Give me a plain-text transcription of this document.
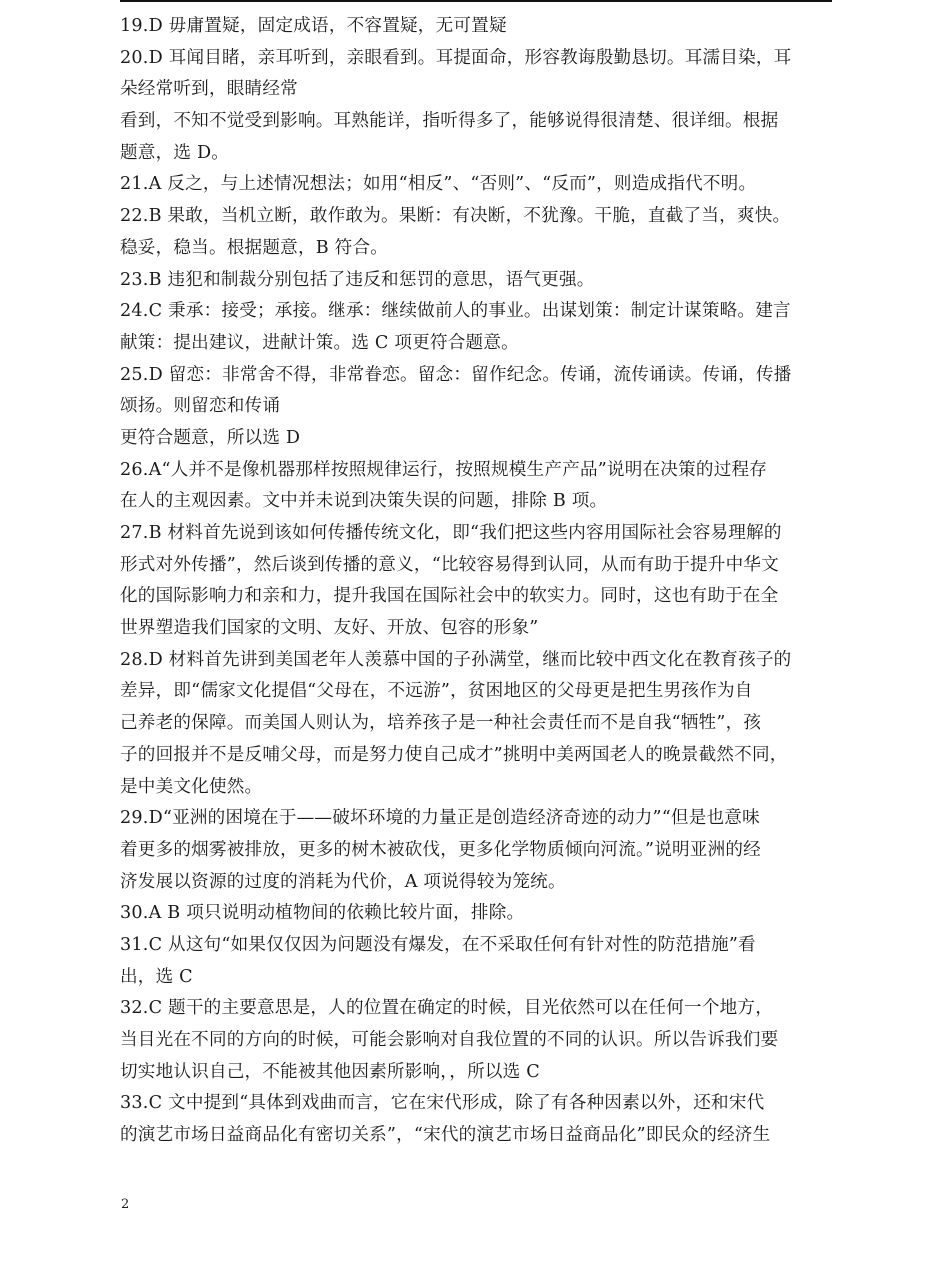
19.D 毋庸置疑，固定成语，不容置疑，无可置疑
20.D 耳闻目睹，亲耳听到，亲眼看到。耳提面命，形容教诲殷勤恳切。耳濡目染，耳
朵经常听到，眼睛经常
看到，不知不觉受到影响。耳熟能详，指听得多了，能够说得很清楚、很详细。根据
题意，选 D。
21.A 反之，与上述情况想法；如用“相反”、“否则”、“反而”，则造成指代不明。
22.B 果敢，当机立断，敢作敢为。果断：有决断，不犹豫。干脆，直截了当，爽快。
稳妥，稳当。根据题意，B 符合。
23.B 违犯和制裁分别包括了违反和惩罚的意思，语气更强。
24.C 秉承：接受；承接。继承：继续做前人的事业。出谋划策：制定计谋策略。建言
献策：提出建议，进献计策。选 C 项更符合题意。
25.D 留恋：非常舍不得，非常眷恋。留念：留作纪念。传诵，流传诵读。传诵，传播
颂扬。则留恋和传诵
更符合题意，所以选 D
26.A“人并不是像机器那样按照规律运行，按照规模生产产品”说明在决策的过程存
在人的主观因素。文中并未说到决策失误的问题，排除 B 项。
27.B 材料首先说到该如何传播传统文化，即“我们把这些内容用国际社会容易理解的
形式对外传播”，然后谈到传播的意义，“比较容易得到认同，从而有助于提升中华文
化的国际影响力和亲和力，提升我国在国际社会中的软实力。同时，这也有助于在全
世界塑造我们国家的文明、友好、开放、包容的形象”
28.D 材料首先讲到美国老年人羡慕中国的子孙满堂，继而比较中西文化在教育孩子的
差异，即“儒家文化提倡“父母在，不远游”，贫困地区的父母更是把生男孩作为自
己养老的保障。而美国人则认为，培养孩子是一种社会责任而不是自我“牺牲”，孩
子的回报并不是反哺父母，而是努力使自己成才”挑明中美两国老人的晚景截然不同，
是中美文化使然。
29.D“亚洲的困境在于——破坏环境的力量正是创造经济奇迹的动力”“但是也意味
着更多的烟雾被排放，更多的树木被砍伐，更多化学物质倾向河流。”说明亚洲的经
济发展以资源的过度的消耗为代价，A 项说得较为笼统。
30.A B 项只说明动植物间的依赖比较片面，排除。
31.C 从这句“如果仅仅因为问题没有爆发，在不采取任何有针对性的防范措施”看
出，选 C
32.C 题干的主要意思是，人的位置在确定的时候，目光依然可以在任何一个地方，
当目光在不同的方向的时候，可能会影响对自我位置的不同的认识。所以告诉我们要
切实地认识自己，不能被其他因素所影响，，所以选 C
33.C 文中提到“具体到戏曲而言，它在宋代形成，除了有各种因素以外，还和宋代
的演艺市场日益商品化有密切关系”，“宋代的演艺市场日益商品化”即民众的经济生
2
